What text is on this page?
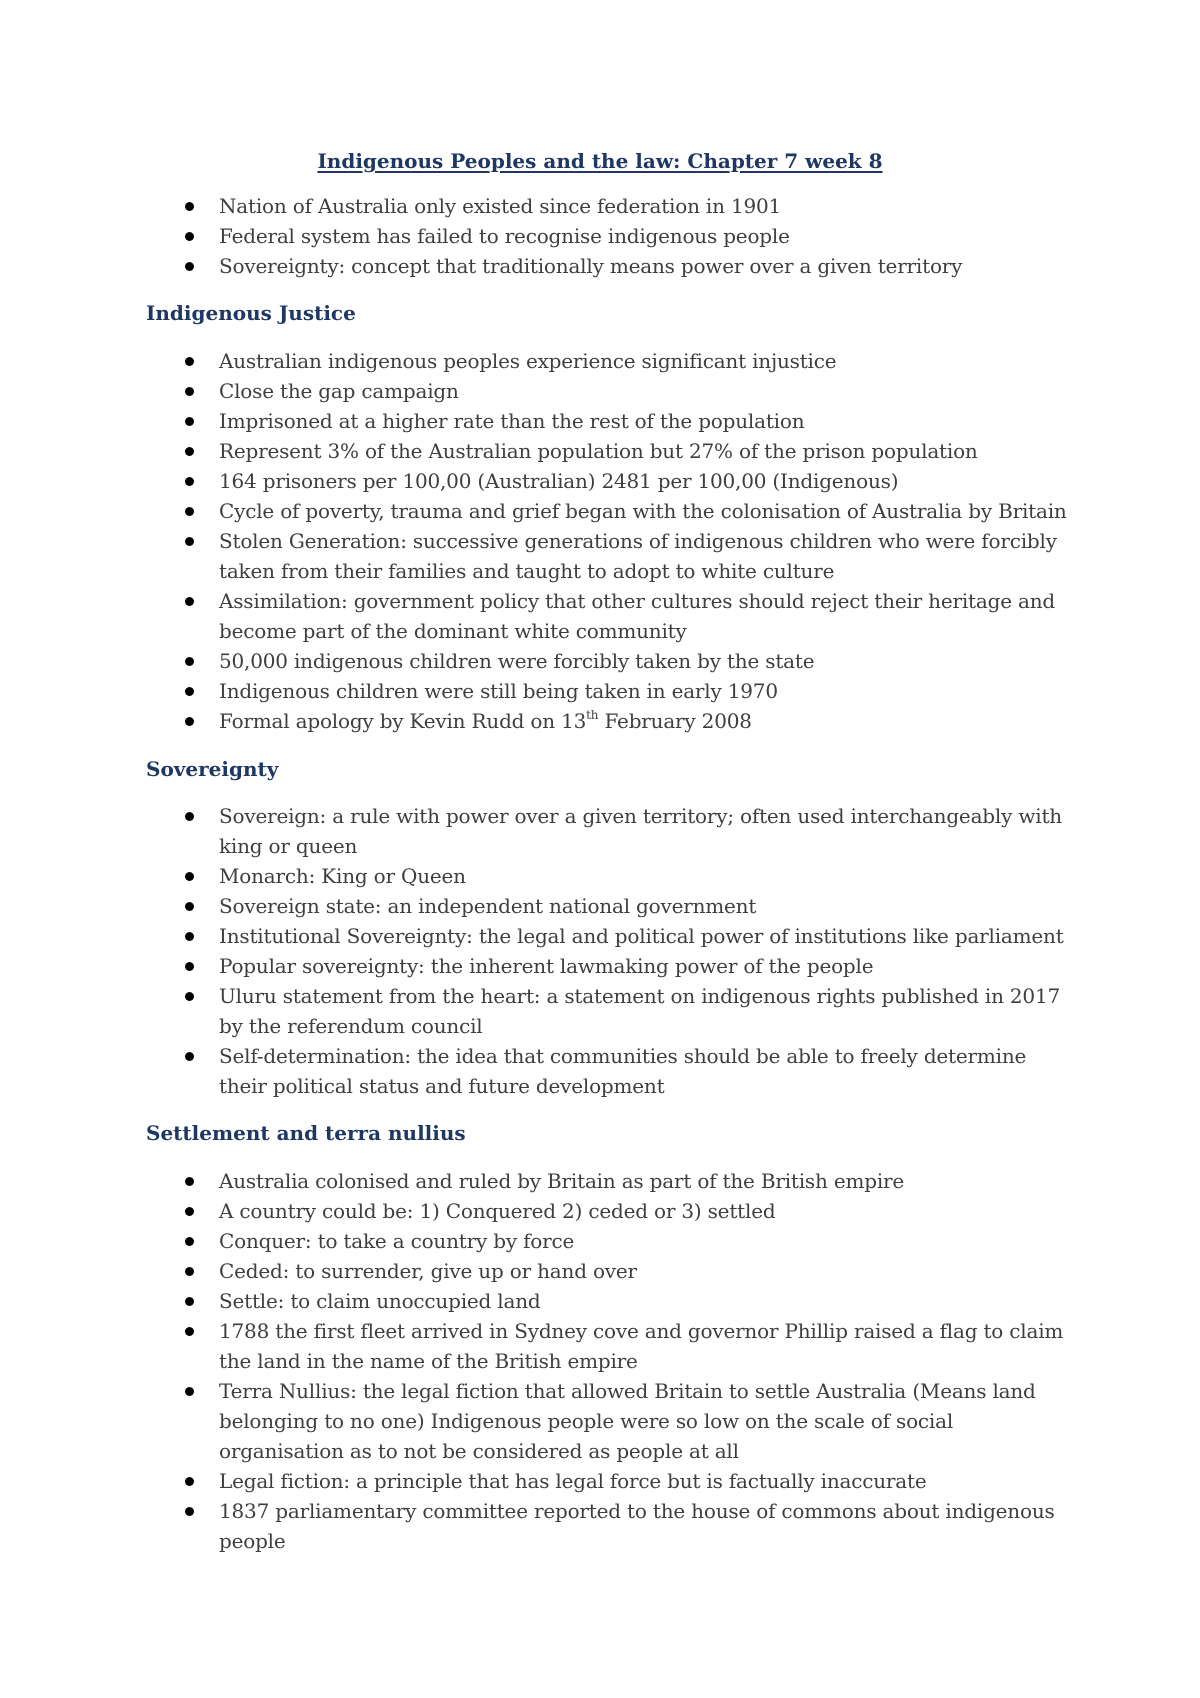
Indigenous Peoples and the law: Chapter 7 week 8
Nation of Australia only existed since federation in 1901
Federal system has failed to recognise indigenous people
Sovereignty: concept that traditionally means power over a given territory
Indigenous Justice
Australian indigenous peoples experience significant injustice
Close the gap campaign
Imprisoned at a higher rate than the rest of the population
Represent 3% of the Australian population but 27% of the prison population
164 prisoners per 100,00 (Australian) 2481 per 100,00 (Indigenous)
Cycle of poverty, trauma and grief began with the colonisation of Australia by Britain
Stolen Generation: successive generations of indigenous children who were forcibly taken from their families and taught to adopt to white culture
Assimilation: government policy that other cultures should reject their heritage and become part of the dominant white community
50,000 indigenous children were forcibly taken by the state
Indigenous children were still being taken in early 1970
Formal apology by Kevin Rudd on 13th February 2008
Sovereignty
Sovereign: a rule with power over a given territory; often used interchangeably with king or queen
Monarch: King or Queen
Sovereign state: an independent national government
Institutional Sovereignty: the legal and political power of institutions like parliament
Popular sovereignty: the inherent lawmaking power of the people
Uluru statement from the heart: a statement on indigenous rights published in 2017 by the referendum council
Self-determination: the idea that communities should be able to freely determine their political status and future development
Settlement and terra nullius
Australia colonised and ruled by Britain as part of the British empire
A country could be: 1) Conquered 2) ceded or 3) settled
Conquer: to take a country by force
Ceded: to surrender, give up or hand over
Settle: to claim unoccupied land
1788 the first fleet arrived in Sydney cove and governor Phillip raised a flag to claim the land in the name of the British empire
Terra Nullius: the legal fiction that allowed Britain to settle Australia (Means land belonging to no one) Indigenous people were so low on the scale of social organisation as to not be considered as people at all
Legal fiction: a principle that has legal force but is factually inaccurate
1837 parliamentary committee reported to the house of commons about indigenous people
